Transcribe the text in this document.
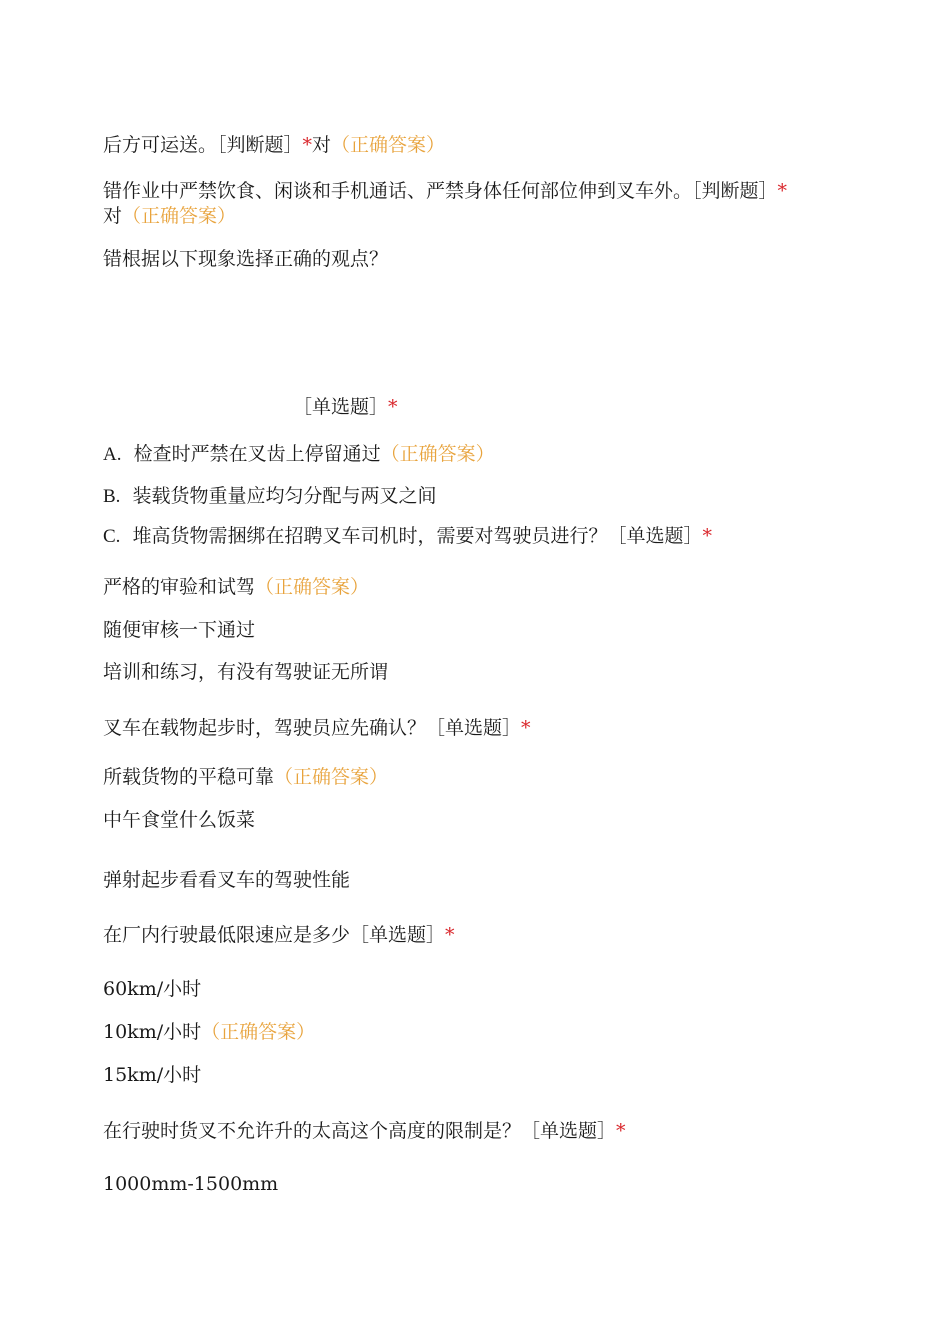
后方可运送。［判断题］*对（正确答案）
错作业中严禁饮食、闲谈和手机通话、严禁身体任何部位伸到叉车外。［判断题］*
对（正确答案）
错根据以下现象选择正确的观点？
［单选题］*
A. 检查时严禁在叉齿上停留通过（正确答案）
B. 装载货物重量应均匀分配与两叉之间
C. 堆高货物需捆绑在招聘叉车司机时，需要对驾驶员进行？［单选题］*
严格的审验和试驾（正确答案）
随便审核一下通过
培训和练习，有没有驾驶证无所谓
叉车在载物起步时，驾驶员应先确认？［单选题］*
所载货物的平稳可靠（正确答案）
中午食堂什么饭菜
弹射起步看看叉车的驾驶性能
在厂内行驶最低限速应是多少［单选题］*
60km/小时
10km/小时（正确答案）
15km/小时
在行驶时货叉不允许升的太高这个高度的限制是？［单选题］*
1000mm-1500mm
